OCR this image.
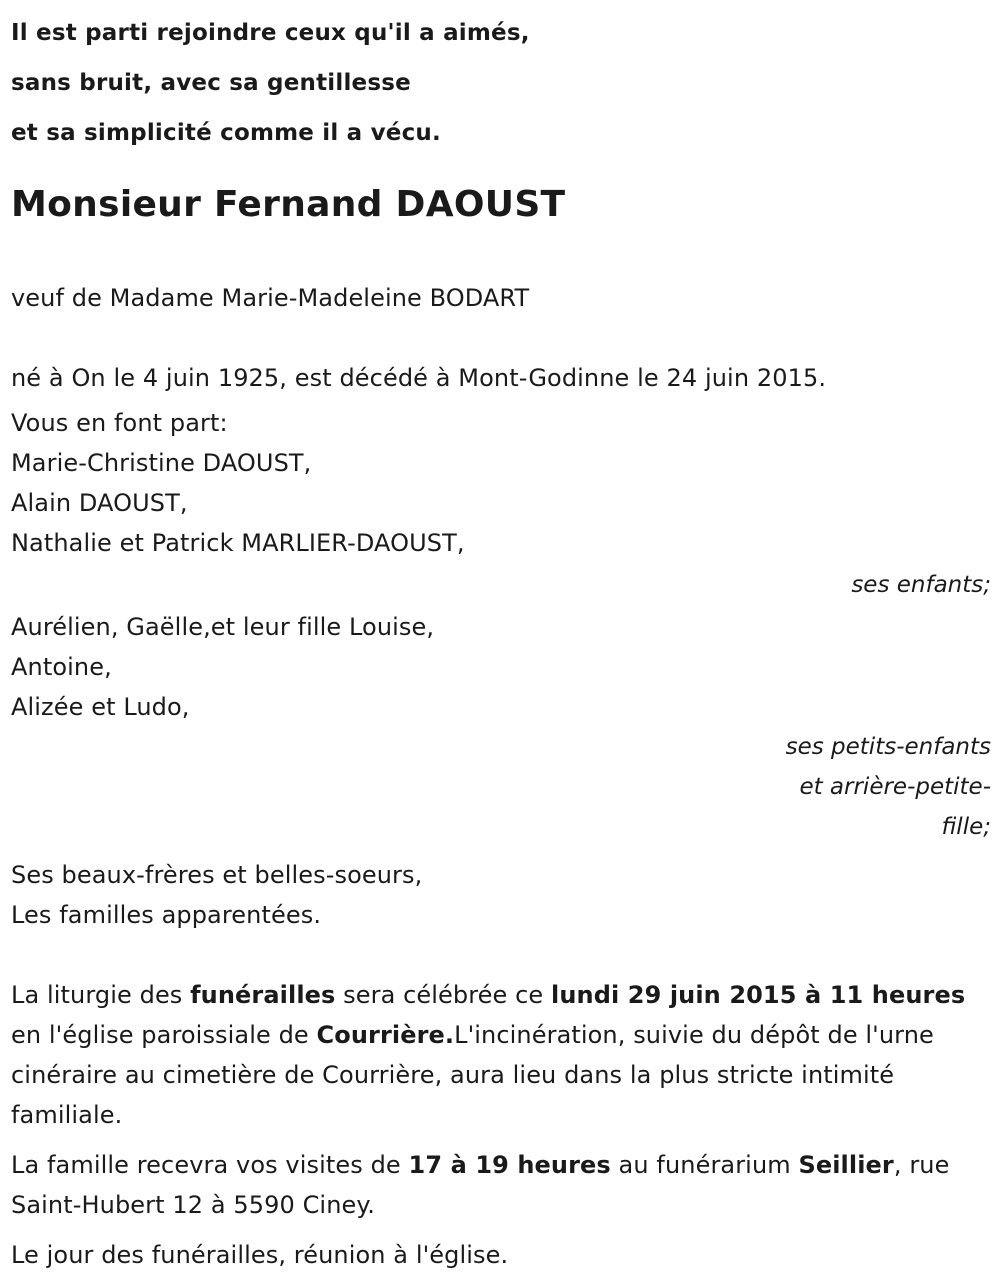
Il est parti rejoindre ceux qu'il a aimés,
sans bruit, avec sa gentillesse
et sa simplicité comme il a vécu.
Monsieur Fernand DAOUST
veuf de Madame Marie-Madeleine BODART
né à On le 4 juin 1925, est décédé à Mont-Godinne le 24 juin 2015.
Vous en font part:
Marie-Christine DAOUST,
Alain DAOUST,
Nathalie et Patrick MARLIER-DAOUST,
ses enfants;
Aurélien, Gaëlle,et leur fille Louise,
Antoine,
Alizée et Ludo,
ses petits-enfants
et arrière-petite-
fille;
Ses beaux-frères et belles-soeurs,
Les familles apparentées.
La liturgie des funérailles sera célébrée ce lundi 29 juin 2015 à 11 heures en l'église paroissiale de Courrière.L'incinération, suivie du dépôt de l'urne cinéraire au cimetière de Courrière, aura lieu dans la plus stricte intimité familiale.
La famille recevra vos visites de 17 à 19 heures au funérarium Seillier, rue Saint-Hubert 12 à 5590 Ciney.
Le jour des funérailles, réunion à l'église.
